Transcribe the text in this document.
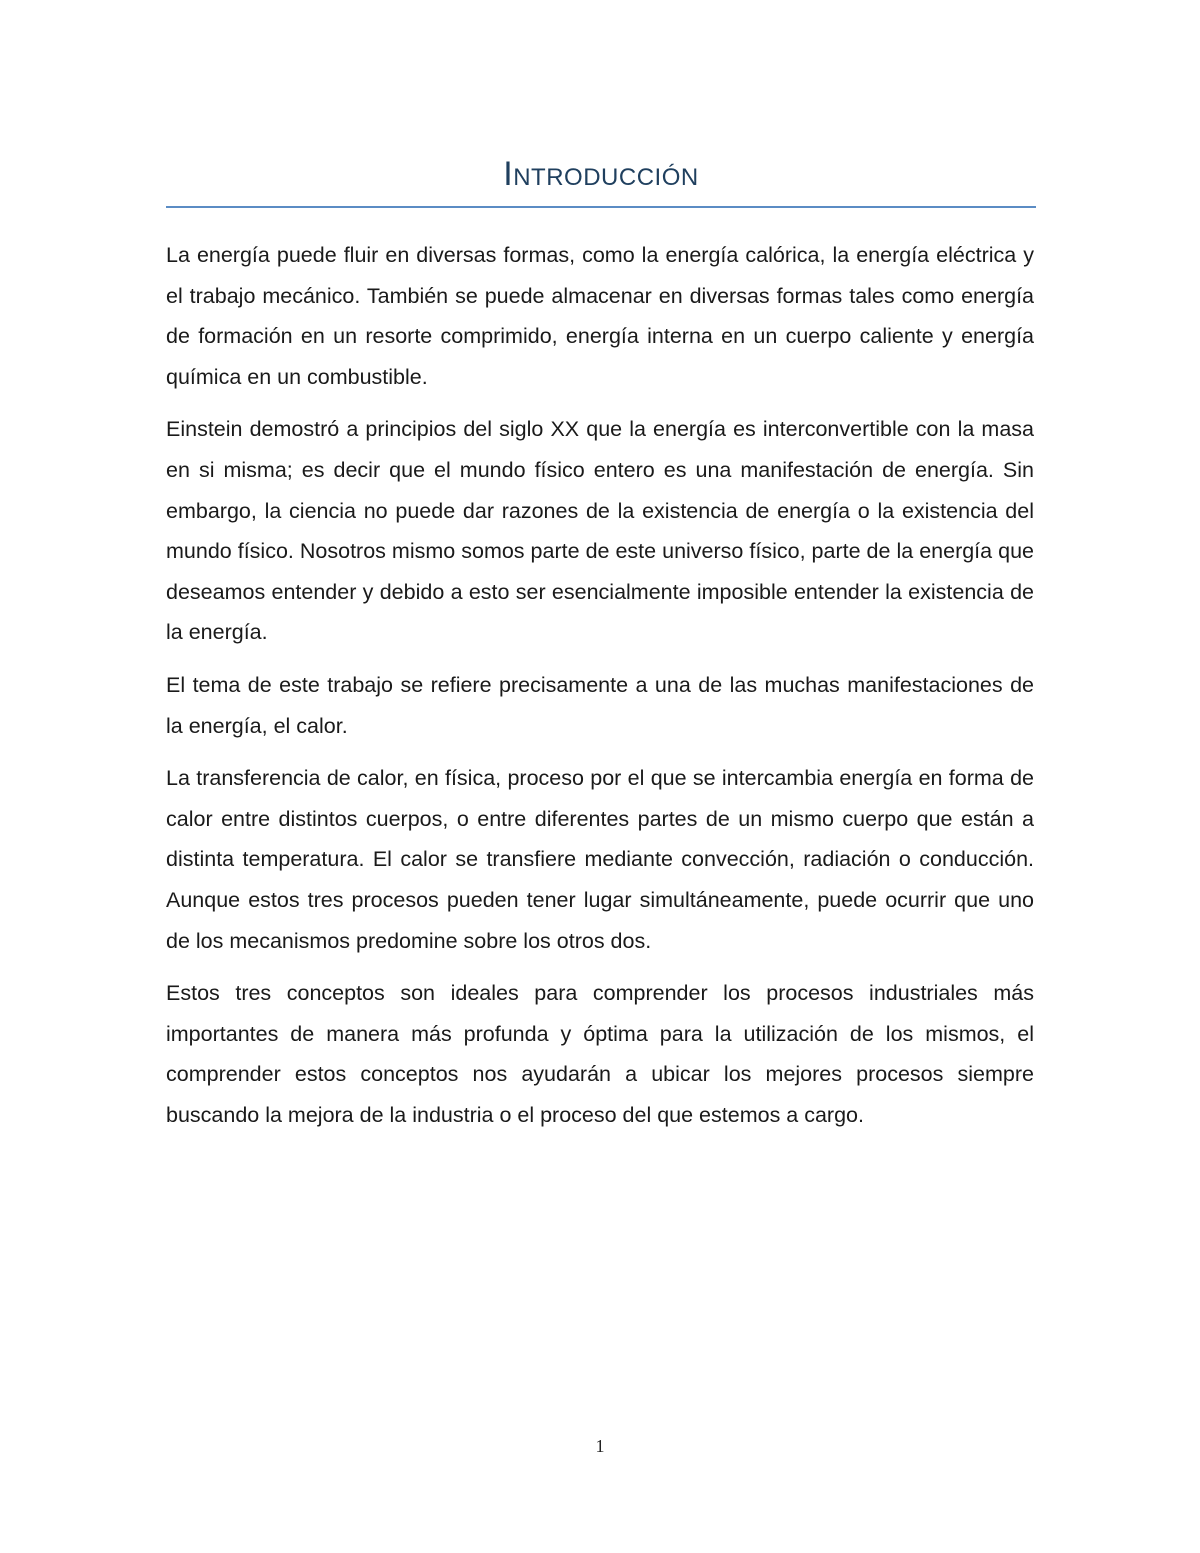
Introducción

La energía puede fluir en diversas formas, como la energía calórica, la energía eléctrica y el trabajo mecánico. También se puede almacenar en diversas formas tales como energía de formación en un resorte comprimido, energía interna en un cuerpo caliente y energía química en un combustible.

Einstein demostró a principios del siglo XX que la energía es interconvertible con la masa en si misma; es decir que el mundo físico entero es una manifestación de energía. Sin embargo, la ciencia no puede dar razones de la existencia de energía o la existencia del mundo físico. Nosotros mismo somos parte de este universo físico, parte de la energía que deseamos entender y debido a esto ser esencialmente imposible entender la existencia de la energía.

El tema de este trabajo se refiere precisamente a una de las muchas manifestaciones de la energía, el calor.

La transferencia de calor, en física, proceso por el que se intercambia energía en forma de calor entre distintos cuerpos, o entre diferentes partes de un mismo cuerpo que están a distinta temperatura. El calor se transfiere mediante convección, radiación o conducción. Aunque estos tres procesos pueden tener lugar simultáneamente, puede ocurrir que uno de los mecanismos predomine sobre los otros dos.

Estos tres conceptos son ideales para comprender los procesos industriales más importantes de manera más profunda y óptima para la utilización de los mismos, el comprender estos conceptos nos ayudarán a ubicar los mejores procesos siempre buscando la mejora de la industria o el proceso del que estemos a cargo.

1
